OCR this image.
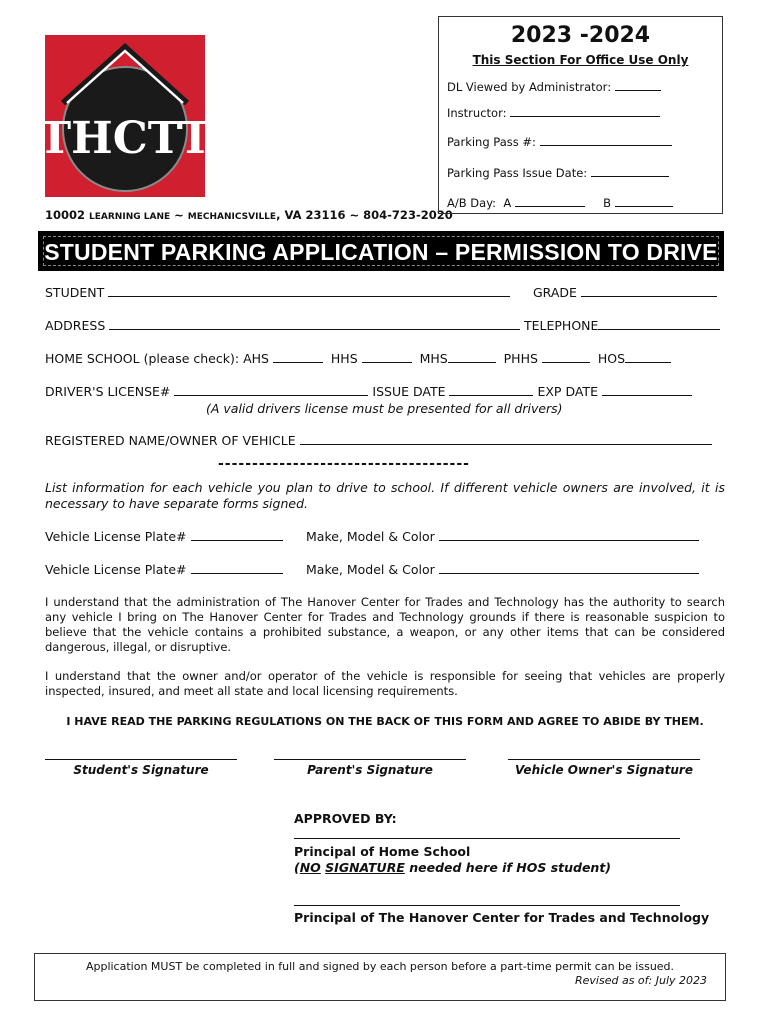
THCTT
10002 LEARNING LANE ~ MECHANICSVILLE, VA 23116 ~ 804-723-2020
2023 -2024
This Section For Office Use Only
DL Viewed by Administrator:
Instructor:
Parking Pass #:
Parking Pass Issue Date:
A/B Day: A	B
STUDENT PARKING APPLICATION – PERMISSION TO DRIVE
STUDENT	GRADE
ADDRESS	TELEPHONE
HOME SCHOOL (please check): AHS	HHS	MHS	PHHS	HOS
DRIVER'S LICENSE#	ISSUE DATE	EXP DATE
(A valid drivers license must be presented for all drivers)
REGISTERED NAME/OWNER OF VEHICLE
-------------------------------------
List information for each vehicle you plan to drive to school. If different vehicle owners are involved, it is necessary to have separate forms signed.
Vehicle License Plate#	Make, Model & Color
Vehicle License Plate#	Make, Model & Color
I understand that the administration of The Hanover Center for Trades and Technology has the authority to search any vehicle I bring on The Hanover Center for Trades and Technology grounds if there is reasonable suspicion to believe that the vehicle contains a prohibited substance, a weapon, or any other items that can be considered dangerous, illegal, or disruptive.
I understand that the owner and/or operator of the vehicle is responsible for seeing that vehicles are properly inspected, insured, and meet all state and local licensing requirements.
I HAVE READ THE PARKING REGULATIONS ON THE BACK OF THIS FORM AND AGREE TO ABIDE BY THEM.
Student's Signature	Parent's Signature	Vehicle Owner's Signature
APPROVED BY:
Principal of Home School
(NO SIGNATURE needed here if HOS student)
Principal of The Hanover Center for Trades and Technology
Application MUST be completed in full and signed by each person before a part-time permit can be issued.
Revised as of: July 2023
